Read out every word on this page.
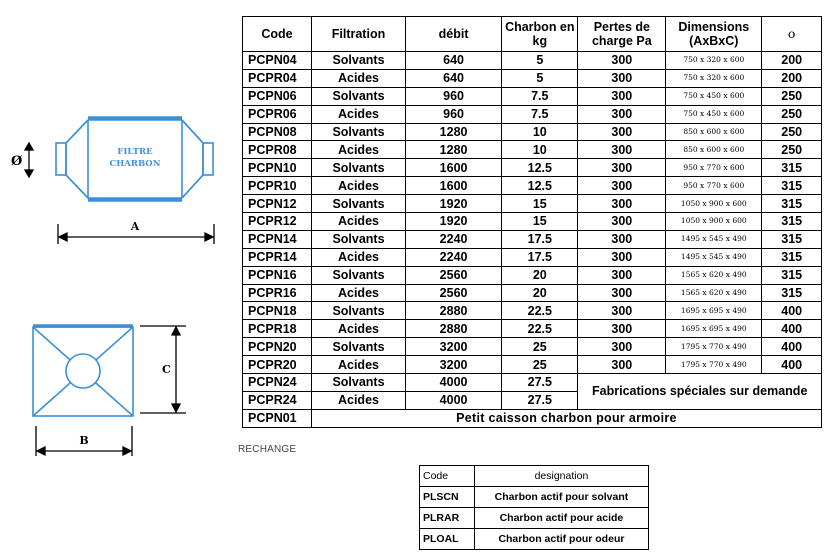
FILTRE
CHARBON
Ø
A
C
B
Code	Filtration	débit	Charbon en kg	Pertes de charge Pa	Dimensions (AxBxC)	o
PCPN04	Solvants	640	5	300	750 x 320 x 600	200
PCPR04	Acides	640	5	300	750 x 320 x 600	200
PCPN06	Solvants	960	7.5	300	750 x 450 x 600	250
PCPR06	Acides	960	7.5	300	750 x 450 x 600	250
PCPN08	Solvants	1280	10	300	850 x 600 x 600	250
PCPR08	Acides	1280	10	300	850 x 600 x 600	250
PCPN10	Solvants	1600	12.5	300	950 x 770 x 600	315
PCPR10	Acides	1600	12.5	300	950 x 770 x 600	315
PCPN12	Solvants	1920	15	300	1050 x 900 x 600	315
PCPR12	Acides	1920	15	300	1050 x 900 x 600	315
PCPN14	Solvants	2240	17.5	300	1495 x 545 x 490	315
PCPR14	Acides	2240	17.5	300	1495 x 545 x 490	315
PCPN16	Solvants	2560	20	300	1565 x 620 x 490	315
PCPR16	Acides	2560	20	300	1565 x 620 x 490	315
PCPN18	Solvants	2880	22.5	300	1695 x 695 x 490	400
PCPR18	Acides	2880	22.5	300	1695 x 695 x 490	400
PCPN20	Solvants	3200	25	300	1795 x 770 x 490	400
PCPR20	Acides	3200	25	300	1795 x 770 x 490	400
PCPN24	Solvants	4000	27.5	Fabrications spéciales sur demande		
PCPR24	Acides	4000	27.5			
PCPN01	Petit caisson charbon pour armoire					
RECHANGE
Code	designation
PLSCN	Charbon actif pour solvant
PLRAR	Charbon actif pour acide
PLOAL	Charbon actif pour odeur
